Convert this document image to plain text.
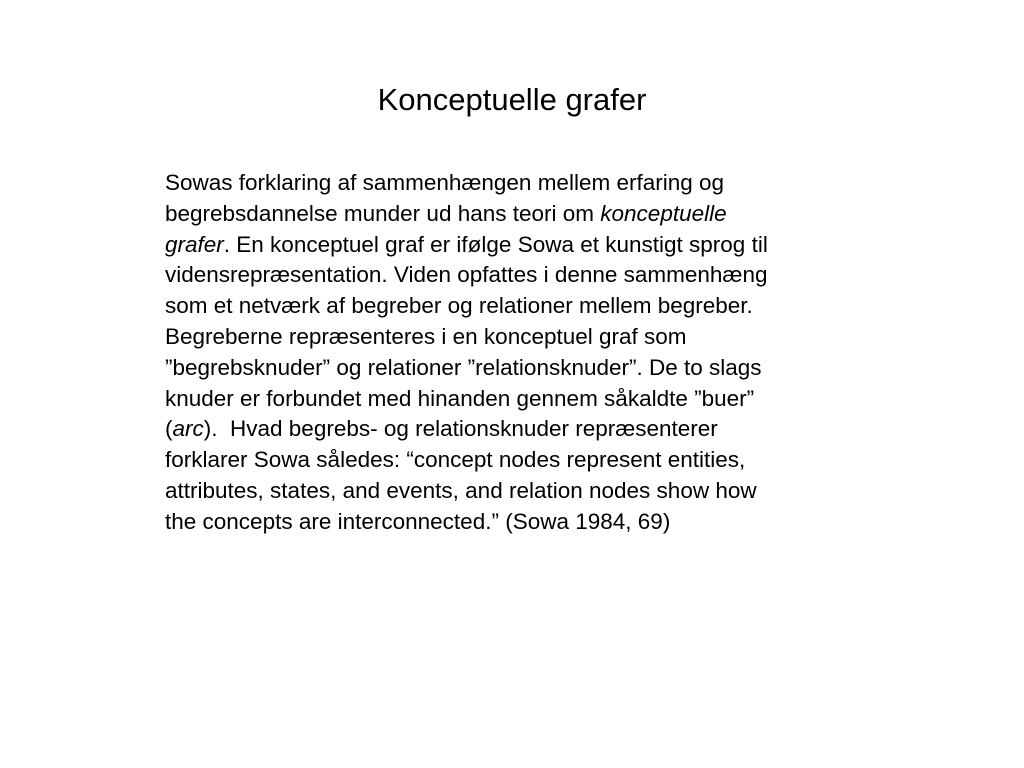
Konceptuelle grafer
Sowas forklaring af sammenhængen mellem erfaring og
begrebsdannelse munder ud hans teori om konceptuelle
grafer. En konceptuel graf er ifølge Sowa et kunstigt sprog til
vidensrepræsentation. Viden opfattes i denne sammenhæng
som et netværk af begreber og relationer mellem begreber.
Begreberne repræsenteres i en konceptuel graf som
”begrebsknuder” og relationer ”relationsknuder”. De to slags
knuder er forbundet med hinanden gennem såkaldte ”buer”
(arc).  Hvad begrebs- og relationsknuder repræsenterer
forklarer Sowa således: “concept nodes represent entities,
attributes, states, and events, and relation nodes show how
the concepts are interconnected.” (Sowa 1984, 69)
